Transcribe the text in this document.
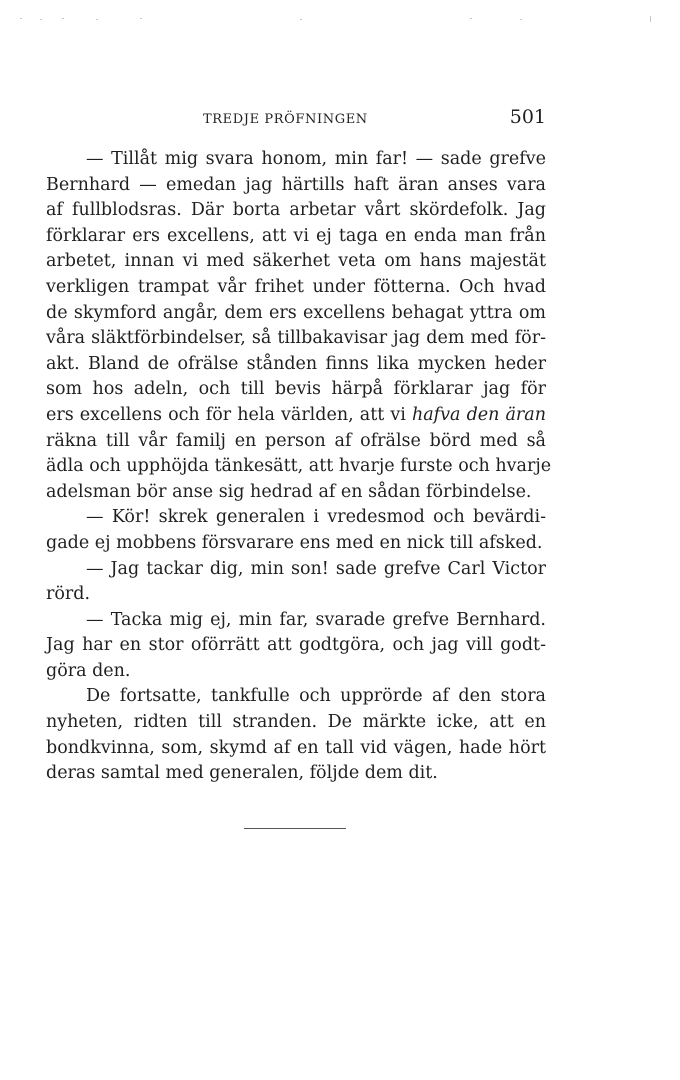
TREDJE PRÖFNINGEN	501
— Tillåt mig svara honom, min far! — sade grefve
Bernhard — emedan jag härtills haft äran anses vara
af fullblodsras. Där borta arbetar vårt skördefolk. Jag
förklarar ers excellens, att vi ej taga en enda man från
arbetet, innan vi med säkerhet veta om hans majestät
verkligen trampat vår frihet under fötterna. Och hvad
de skymford angår, dem ers excellens behagat yttra om
våra släktförbindelser, så tillbakavisar jag dem med för-
akt. Bland de ofrälse stånden finns lika mycken heder
som hos adeln, och till bevis härpå förklarar jag för
ers excellens och för hela världen, att vi hafva den äran
räkna till vår familj en person af ofrälse börd med så
ädla och upphöjda tänkesätt, att hvarje furste och hvarje
adelsman bör anse sig hedrad af en sådan förbindelse.
— Kör! skrek generalen i vredesmod och bevärdi-
gade ej mobbens försvarare ens med en nick till afsked.
— Jag tackar dig, min son! sade grefve Carl Victor
rörd.
— Tacka mig ej, min far, svarade grefve Bernhard.
Jag har en stor oförrätt att godtgöra, och jag vill godt-
göra den.
De fortsatte, tankfulle och upprörde af den stora
nyheten, ridten till stranden. De märkte icke, att en
bondkvinna, som, skymd af en tall vid vägen, hade hört
deras samtal med generalen, följde dem dit.
